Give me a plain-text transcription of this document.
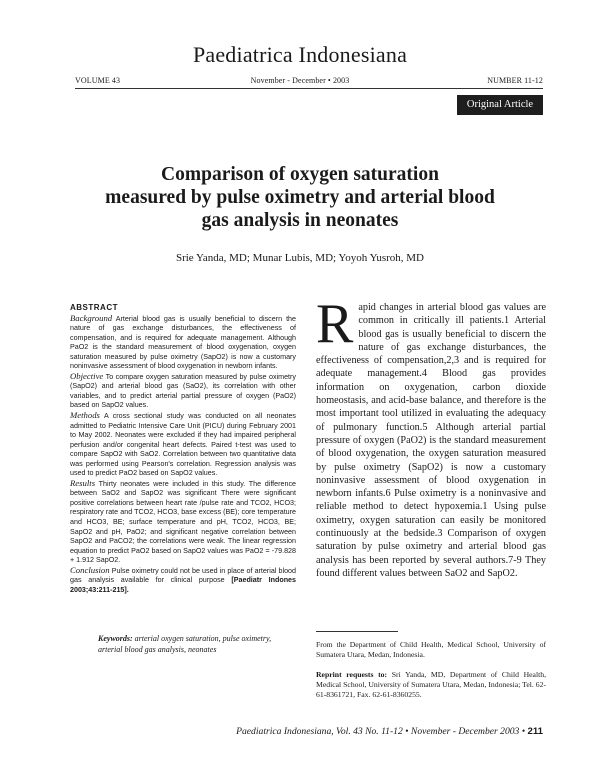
Paediatrica Indonesiana
VOLUME 43	November - December • 2003	NUMBER 11-12
Original Article
Comparison of oxygen saturation
measured by pulse oximetry and arterial blood
gas analysis in neonates
Srie Yanda, MD; Munar Lubis, MD; Yoyoh Yusroh, MD
ABSTRACT

Background Arterial blood gas is usually beneficial to discern the nature of gas exchange disturbances, the effectiveness of compensation, and is required for adequate management. Although PaO2 is the standard measurement of blood oxygenation, oxygen saturation measured by pulse oximetry (SapO2) is now a customary noninvasive assessment of blood oxygenation in newborn infants.

Objective To compare oxygen saturation measured by pulse oximetry (SapO2) and arterial blood gas (SaO2), its correlation with other variables, and to predict arterial partial pressure of oxygen (PaO2) based on SapO2 values.

Methods A cross sectional study was conducted on all neonates admitted to Pediatric Intensive Care Unit (PICU) during February 2001 to May 2002. Neonates were excluded if they had impaired peripheral perfusion and/or congenital heart defects. Paired t-test was used to compare SapO2 with SaO2. Correlation between two quantitative data was performed using Pearson's correlation. Regression analysis was used to predict PaO2 based on SapO2 values.

Results Thirty neonates were included in this study. The difference between SaO2 and SapO2 was significant There were significant positive correlations between heart rate /pulse rate and TCO2, HCO3; respiratory rate and TCO2, HCO3, base excess (BE); core temperature and HCO3, BE; surface temperature and pH, TCO2, HCO3, BE; SapO2 and pH, PaO2; and significant negative correlation between SapO2 and PaCO2; the correlations were weak. The linear regression equation to predict PaO2 based on SapO2 values was PaO2 = -79.828 + 1.912 SapO2.

Conclusion Pulse oximetry could not be used in place of arterial blood gas analysis available for clinical purpose [Paediatr Indones 2003;43:211-215].

Keywords: arterial oxygen saturation, pulse oximetry, arterial blood gas analysis, neonates
Rapid changes in arterial blood gas values are common in critically ill patients.1 Arterial blood gas is usually beneficial to discern the nature of gas exchange disturbances, the effectiveness of compensation,2,3 and is required for adequate management.4 Blood gas provides information on oxygenation, carbon dioxide homeostasis, and acid-base balance, and therefore is the most important tool utilized in evaluating the adequacy of pulmonary function.5 Although arterial partial pressure of oxygen (PaO2) is the standard measurement of blood oxygenation, the oxygen saturation measured by pulse oximetry (SapO2) is now a customary noninvasive assessment of blood oxygenation in newborn infants.6 Pulse oximetry is a noninvasive and reliable method to detect hypoxemia.1 Using pulse oximetry, oxygen saturation can easily be monitored continuously at the bedside.3 Comparison of oxygen saturation by pulse oximetry and arterial blood gas analysis has been reported by several authors.7-9 They found different values between SaO2 and SapO2.
From the Department of Child Health, Medical School, University of Sumatera Utara, Medan, Indonesia.
Reprint requests to: Sri Yanda, MD, Department of Child Health, Medical School, University of Sumatera Utara, Medan, Indonesia; Tel. 62-61-8361721, Fax. 62-61-8360255.
Paediatrica Indonesiana, Vol. 43 No. 11-12 • November - December 2003 • 211
